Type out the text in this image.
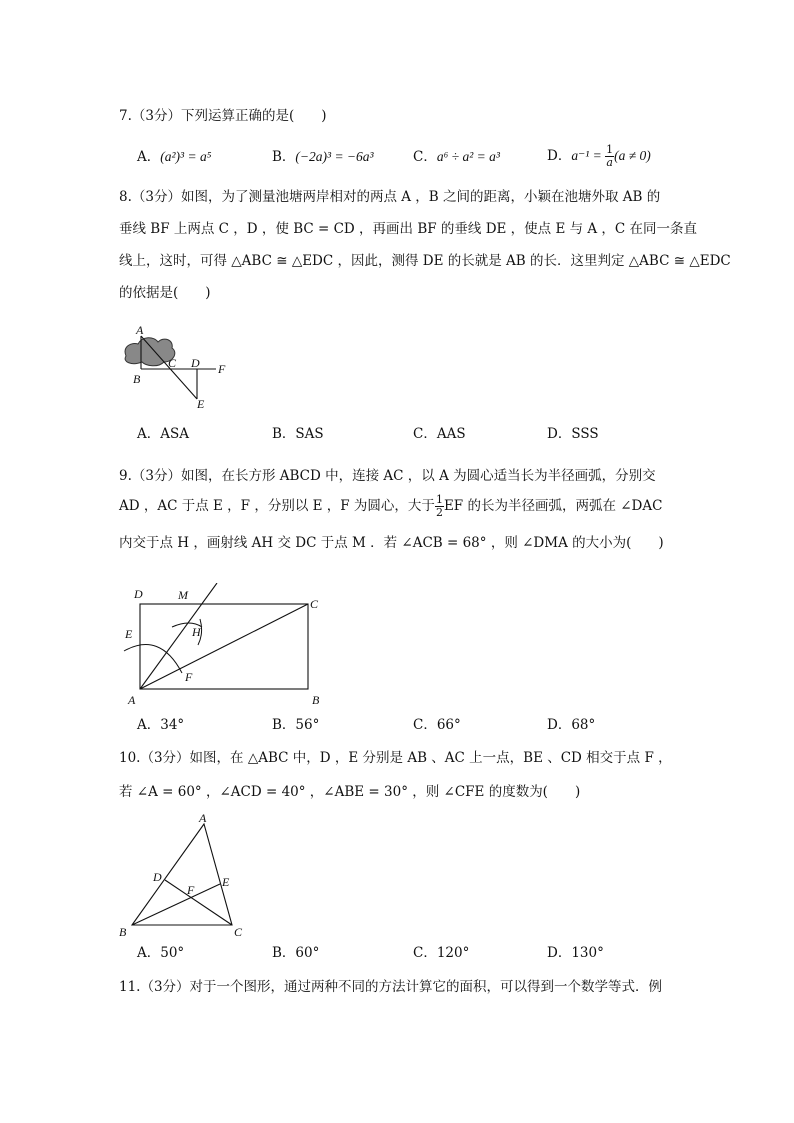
7.（3分）下列运算正确的是(　　)
A．(a²)³ = a⁵	B．(−2a)³ = −6a³	C．a⁶ ÷ a² = a³	D．$a^{-1} = \frac{1}{a} (a \ne 0)$
8.（3分）如图，为了测量池塘两岸相对的两点 A ，B 之间的距离，小颖在池塘外取 AB 的
垂线 BF 上两点 C ，D ，使 BC = CD ，再画出 BF 的垂线 DE ，使点 E 与 A ，C 在同一条直
线上，这时，可得 △ABC ≅ △EDC ，因此，测得 DE 的长就是 AB 的长．这里判定 △ABC ≅ △EDC
的依据是(　　)
A
B
C D F
E
A．ASA	B．SAS	C．AAS	D．SSS
9.（3分）如图，在长方形 ABCD 中，连接 AC ，以 A 为圆心适当长为半径画弧，分别交
AD ，AC 于点 E ，F ，分别以 E ，F 为圆心，大于 $\frac{1}{2}$ EF 的长为半径画弧，两弧在 ∠DAC
内交于点 H ，画射线 AH 交 DC 于点 M ．若 ∠ACB = 68° ，则 ∠DMA 的大小为(　　)
D	M
C
E	H
F
A	B
A．34°	B．56°	C．66°	D．68°
10.（3分）如图，在 △ABC 中，D ，E 分别是 AB 、AC 上一点，BE 、CD 相交于点 F ，
若 ∠A = 60° ，∠ACD = 40° ，∠ABE = 30° ，则 ∠CFE 的度数为(　　)
A
D
F
E
B	C
A．50°	B．60°	C．120°	D．130°
11.（3分）对于一个图形，通过两种不同的方法计算它的面积，可以得到一个数学等式．例
